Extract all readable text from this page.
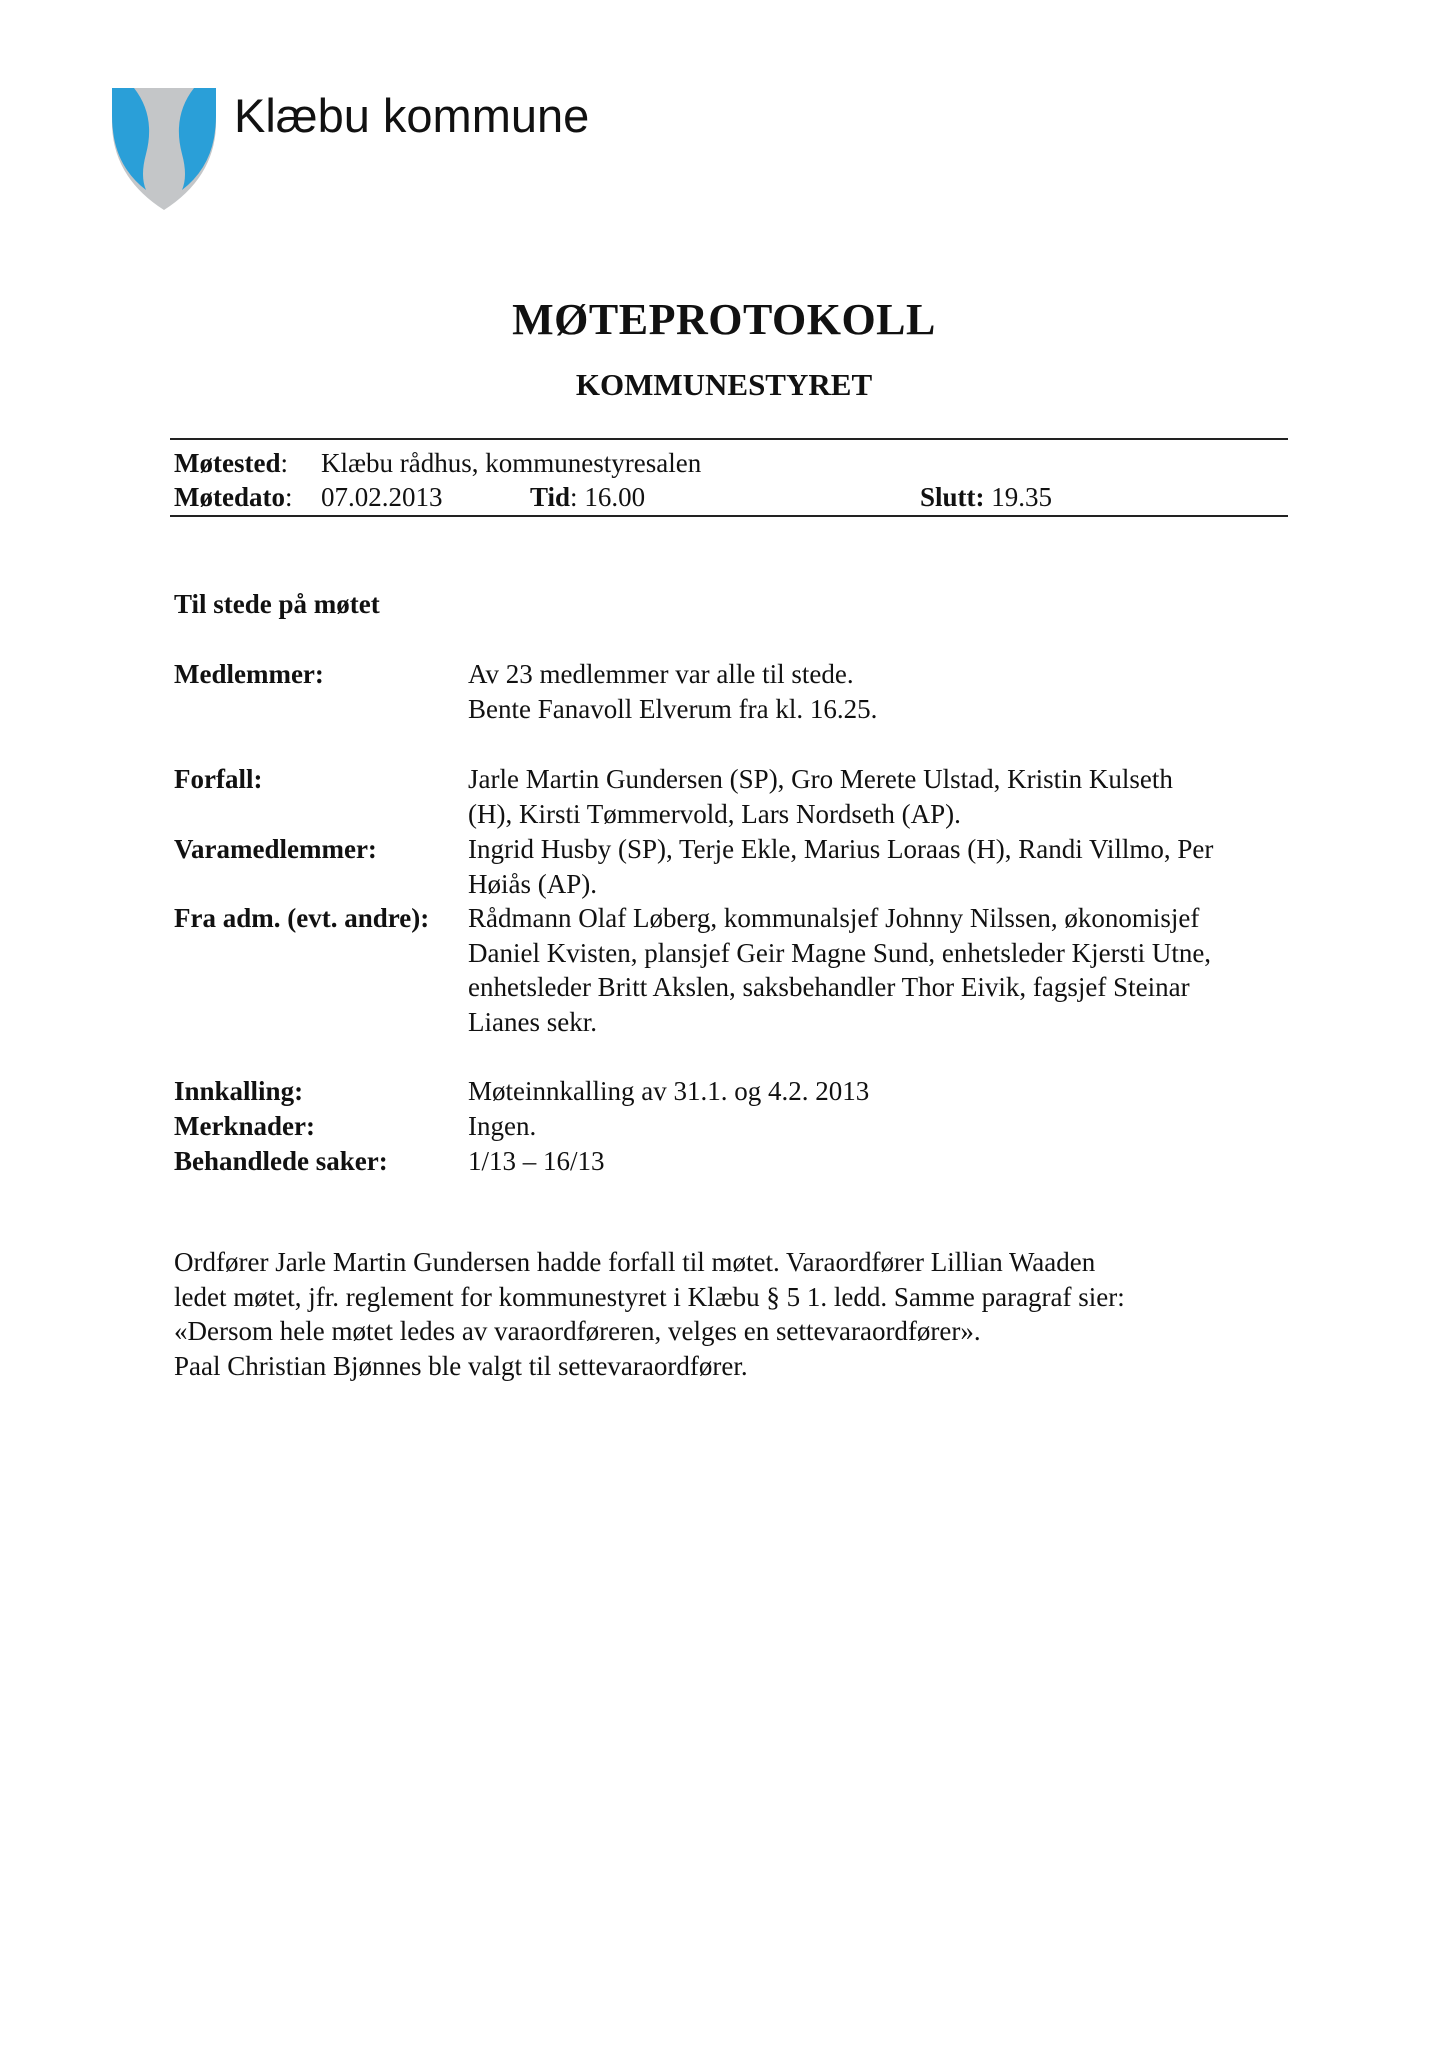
Klæbu kommune
MØTEPROTOKOLL
KOMMUNESTYRET
Møtested: Klæbu rådhus, kommunestyresalen
Møtedato: 07.02.2013	Tid: 16.00	Slutt: 19.35
Til stede på møtet
Medlemmer:	Av 23 medlemmer var alle til stede.
Bente Fanavoll Elverum fra kl. 16.25.
Forfall:	Jarle Martin Gundersen (SP), Gro Merete Ulstad, Kristin Kulseth
(H), Kirsti Tømmervold, Lars Nordseth (AP).
Varamedlemmer:	Ingrid Husby (SP), Terje Ekle, Marius Loraas (H), Randi Villmo, Per
Høiås (AP).
Fra adm. (evt. andre): Rådmann Olaf Løberg, kommunalsjef Johnny Nilssen, økonomisjef
Daniel Kvisten, plansjef Geir Magne Sund, enhetsleder Kjersti Utne,
enhetsleder Britt Akslen, saksbehandler Thor Eivik, fagsjef Steinar
Lianes sekr.
Innkalling:	Møteinnkalling av 31.1. og 4.2. 2013
Merknader:	Ingen.
Behandlede saker:	1/13 – 16/13
Ordfører Jarle Martin Gundersen hadde forfall til møtet. Varaordfører Lillian Waaden
ledet møtet, jfr. reglement for kommunestyret i Klæbu § 5 1. ledd. Samme paragraf sier:
«Dersom hele møtet ledes av varaordføreren, velges en settevaraordfører».
Paal Christian Bjønnes ble valgt til settevaraordfører.
